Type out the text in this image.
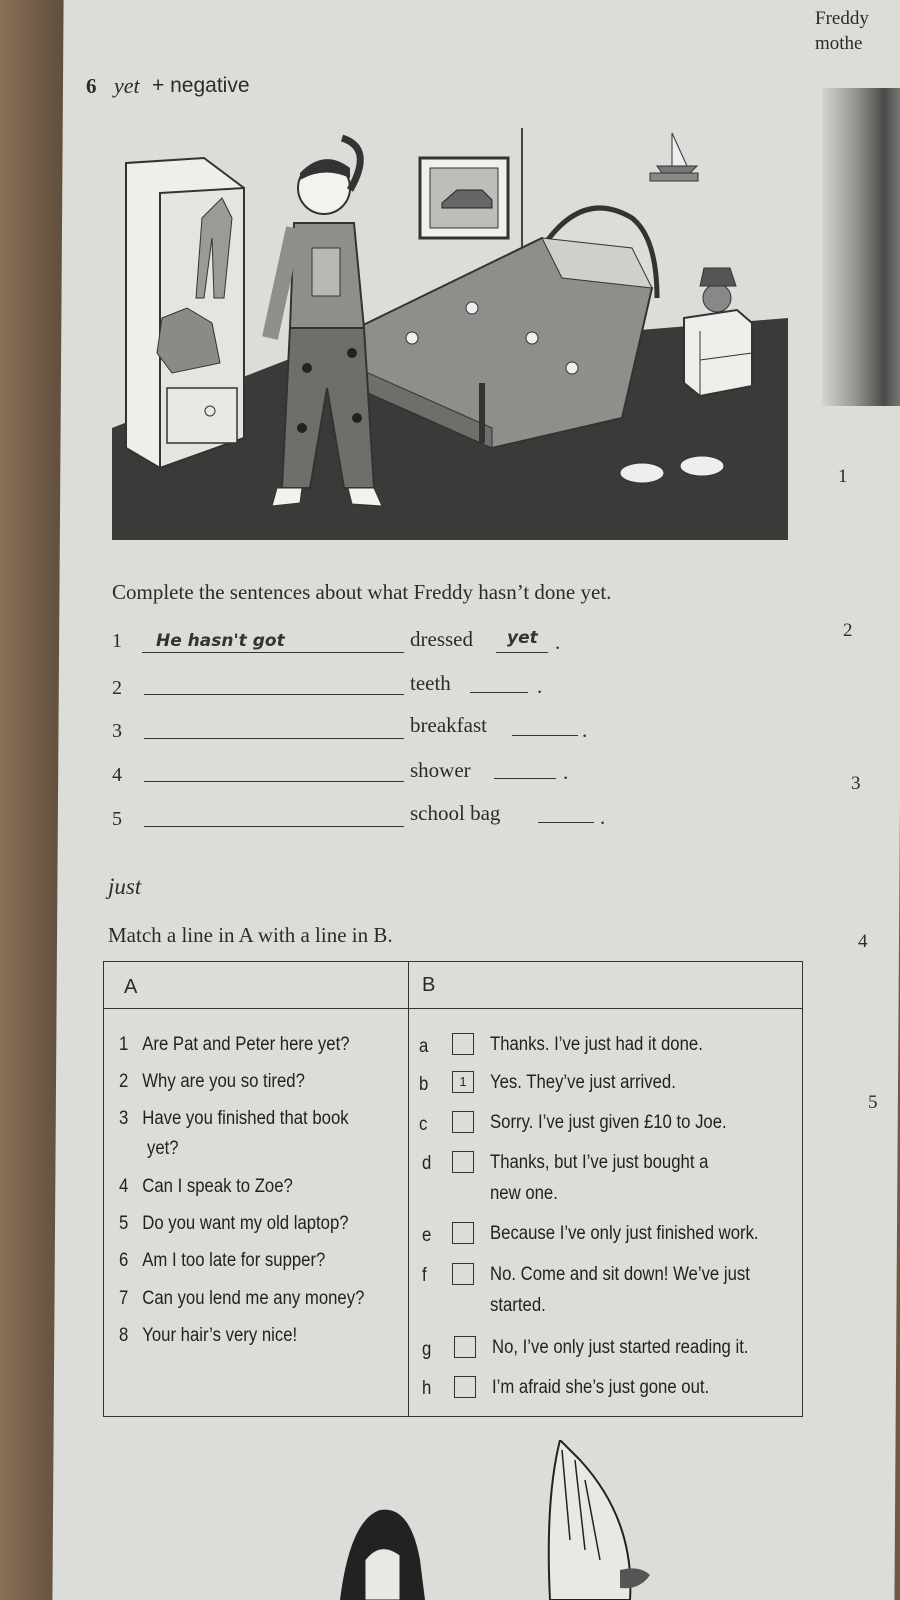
Freddy
mothe
1
2
3
4
5
6 yet + negative
Complete the sentences about what Freddy hasn’t done yet.
1 He hasn't got	dressed yet .
2	teeth	.
3	breakfast	.
4	shower	.
5	school bag	.
just
Match a line in A with a line in B.
A	B
1 Are Pat and Peter here yet?
2 Why are you so tired?
3 Have you finished that book
yet?
4 Can I speak to Zoe?
5 Do you want my old laptop?
6 Am I too late for supper?
7 Can you lend me any money?
8 Your hair’s very nice!
a	Thanks. I’ve just had it done.
b	1	Yes. They’ve just arrived.
c	Sorry. I’ve just given £10 to Joe.
d	Thanks, but I’ve just bought a
new one.
e	Because I’ve only just finished work.
f	No. Come and sit down! We’ve just
started.
g	No, I’ve only just started reading it.
h	I’m afraid she’s just gone out.
